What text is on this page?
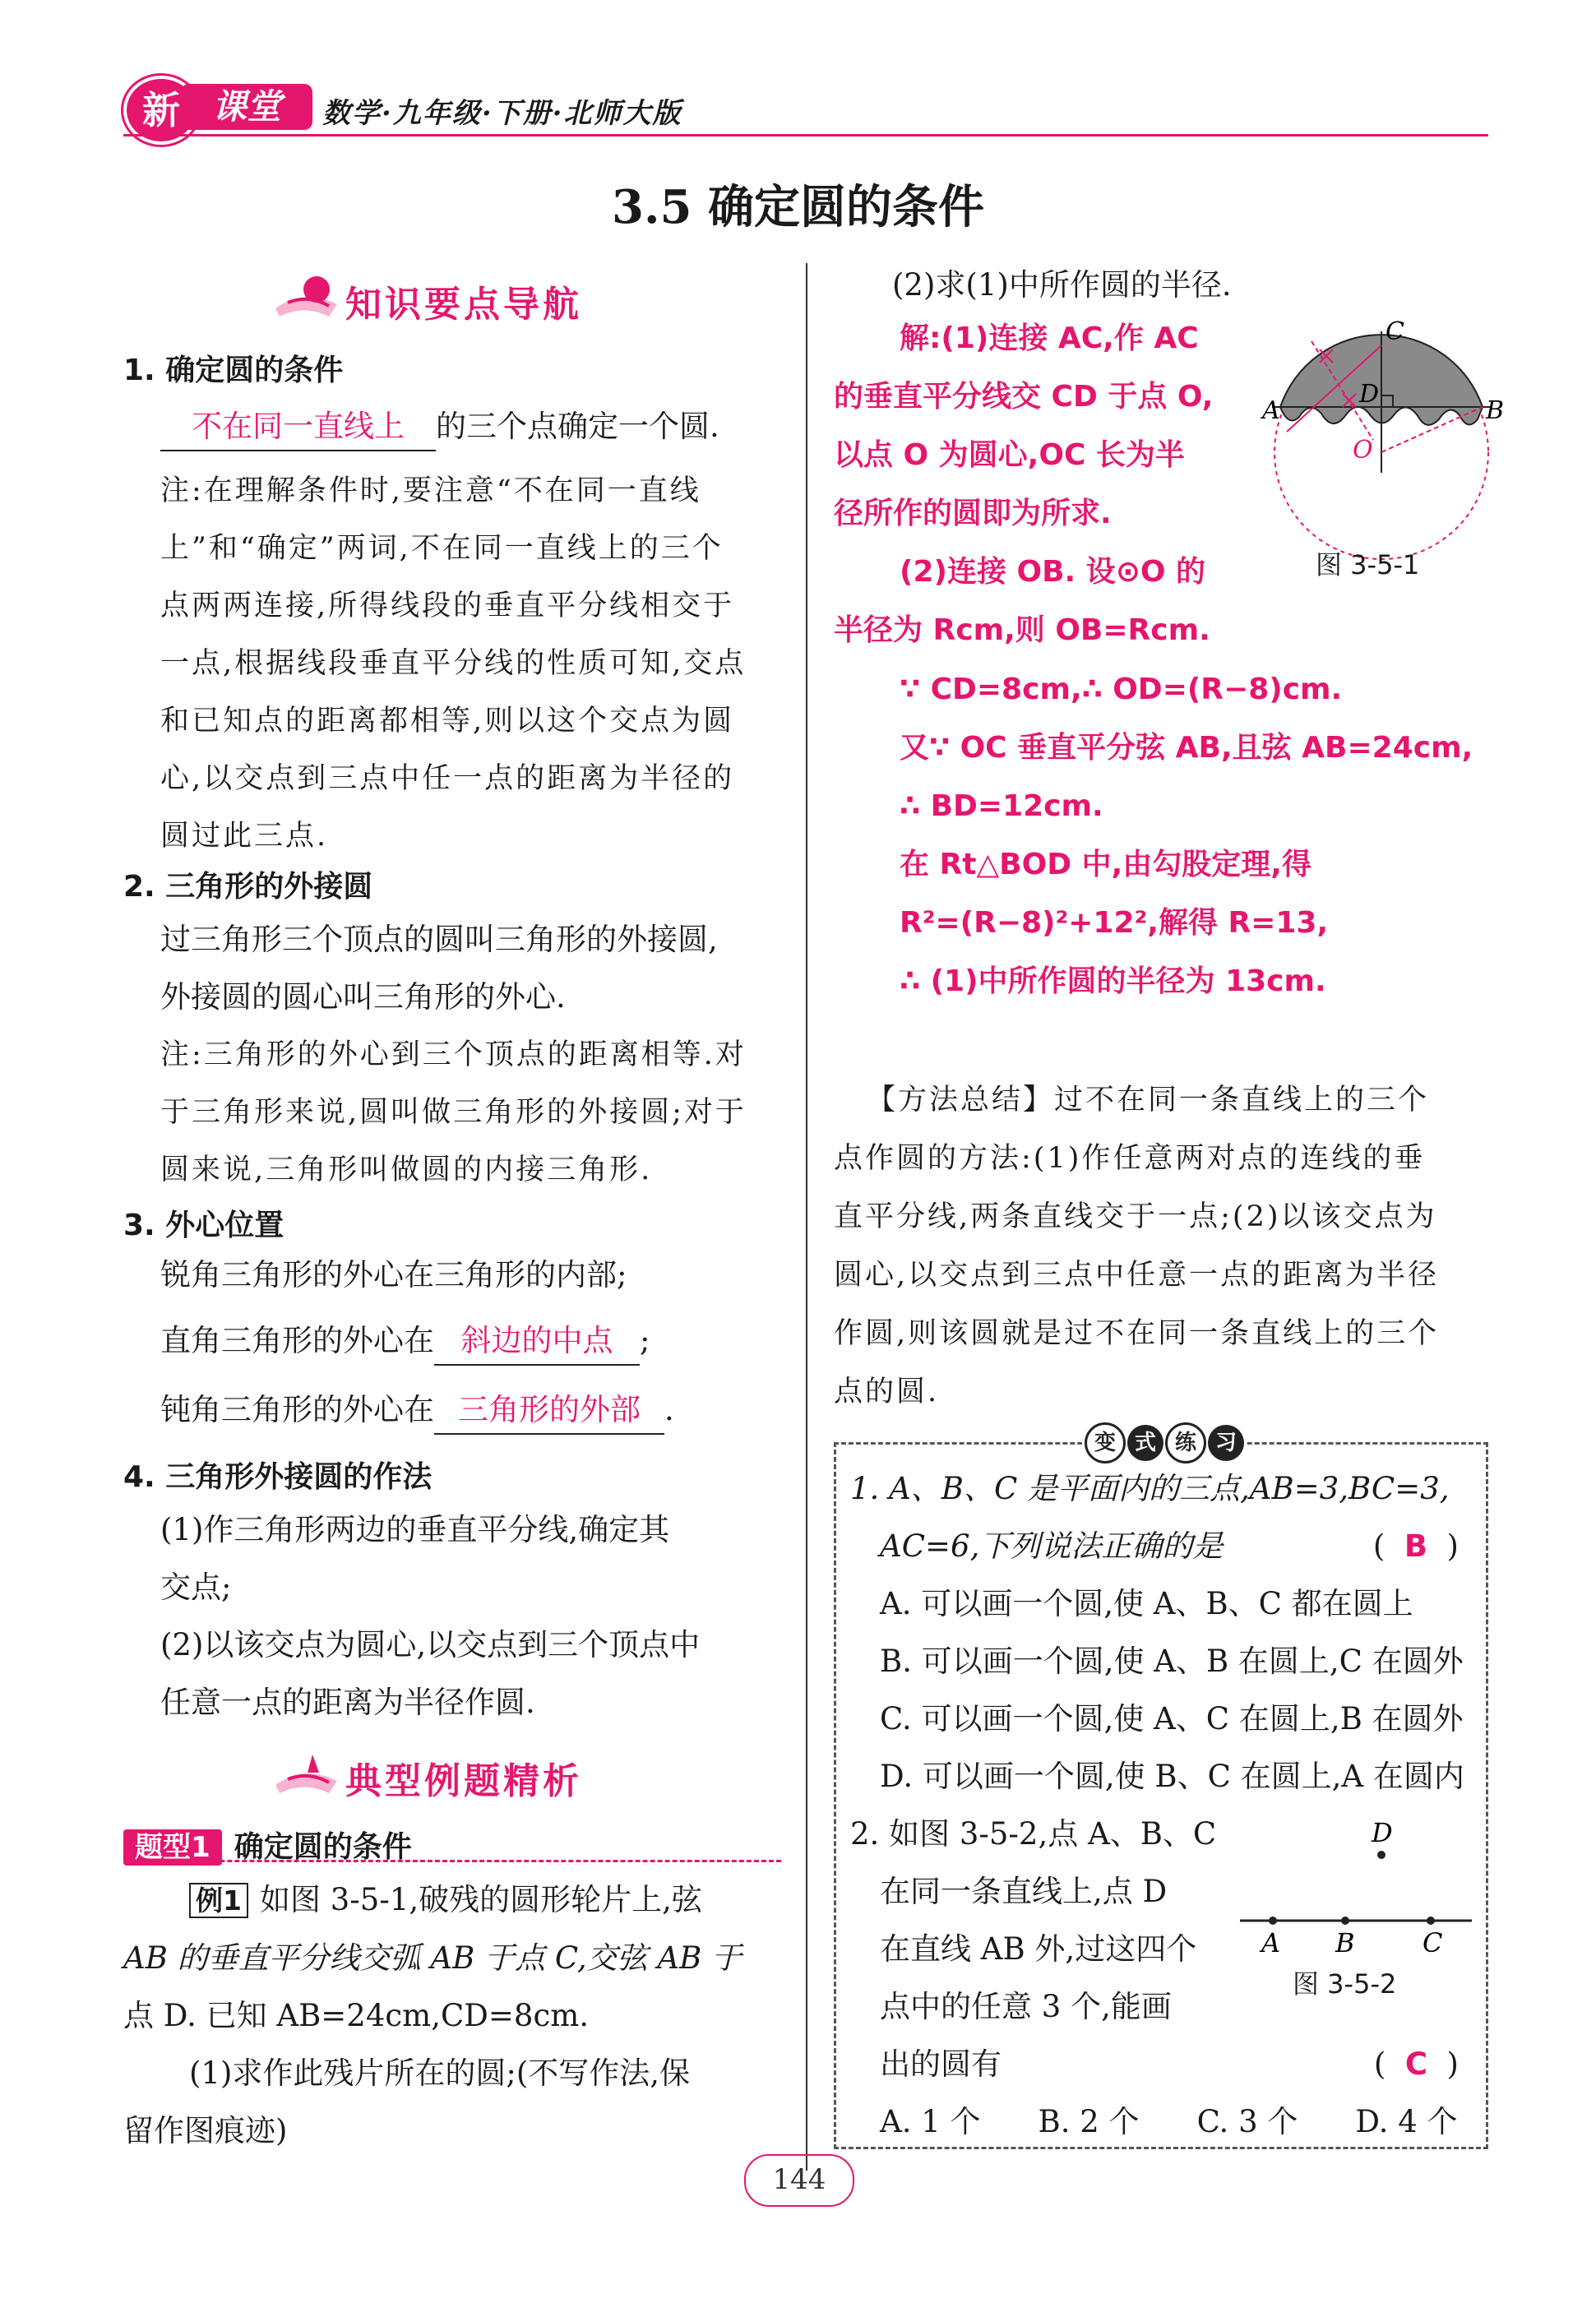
新 课堂	数学·九年级·下册·北师大版
3.5 确定圆的条件
知识要点导航
1. 确定圆的条件
不在同一直线上 的三个点确定一个圆.
注:在理解条件时,要注意“不在同一直线
上”和“确定”两词,不在同一直线上的三个
点两两连接,所得线段的垂直平分线相交于
一点,根据线段垂直平分线的性质可知,交点
和已知点的距离都相等,则以这个交点为圆
心,以交点到三点中任一点的距离为半径的
圆过此三点.
2. 三角形的外接圆
过三角形三个顶点的圆叫三角形的外接圆,
外接圆的圆心叫三角形的外心.
注:三角形的外心到三个顶点的距离相等.对
于三角形来说,圆叫做三角形的外接圆;对于
圆来说,三角形叫做圆的内接三角形.
3. 外心位置
锐角三角形的外心在三角形的内部;
直角三角形的外心在 斜边的中点 ;
钝角三角形的外心在 三角形的外部 .
4. 三角形外接圆的作法
(1)作三角形两边的垂直平分线,确定其
交点;
(2)以该交点为圆心,以交点到三个顶点中
任意一点的距离为半径作圆.
典型例题精析
题型1 确定圆的条件
例1 如图 3-5-1,破残的圆形轮片上,弦
AB 的垂直平分线交弧 AB 于点 C,交弦 AB 于
点 D. 已知 AB=24cm,CD=8cm.
(1)求作此残片所在的圆;(不写作法,保
留作图痕迹)
(2)求(1)中所作圆的半径.
解:(1)连接 AC,作 AC
的垂直平分线交 CD 于点 O,
以点 O 为圆心,OC 长为半
径所作的圆即为所求.
(2)连接 OB. 设⊙O 的
半径为 Rcm,则 OB=Rcm.
∵ CD=8cm,∴ OD=(R−8)cm.
又∵ OC 垂直平分弦 AB,且弦 AB=24cm,
∴ BD=12cm.
在 Rt△BOD 中,由勾股定理,得
R²=(R−8)²+12²,解得 R=13,
∴ (1)中所作圆的半径为 13cm.
C
D
A	B
O
图 3-5-1
【方法总结】过不在同一条直线上的三个
点作圆的方法:(1)作任意两对点的连线的垂
直平分线,两条直线交于一点;(2)以该交点为
圆心,以交点到三点中任意一点的距离为半径
作圆,则该圆就是过不在同一条直线上的三个
点的圆.
变 式 练 习
1. A、B、C 是平面内的三点,AB=3,BC=3,
AC=6,下列说法正确的是	(  B  )
A. 可以画一个圆,使 A、B、C 都在圆上
B. 可以画一个圆,使 A、B 在圆上,C 在圆外
C. 可以画一个圆,使 A、C 在圆上,B 在圆外
D. 可以画一个圆,使 B、C 在圆上,A 在圆内
2. 如图 3-5-2,点 A、B、C
在同一条直线上,点 D
在直线 AB 外,过这四个
点中的任意 3 个,能画
出的圆有	(  C  )
A. 1 个 B. 2 个 C. 3 个 D. 4 个
D
A B	C
图 3-5-2
144
